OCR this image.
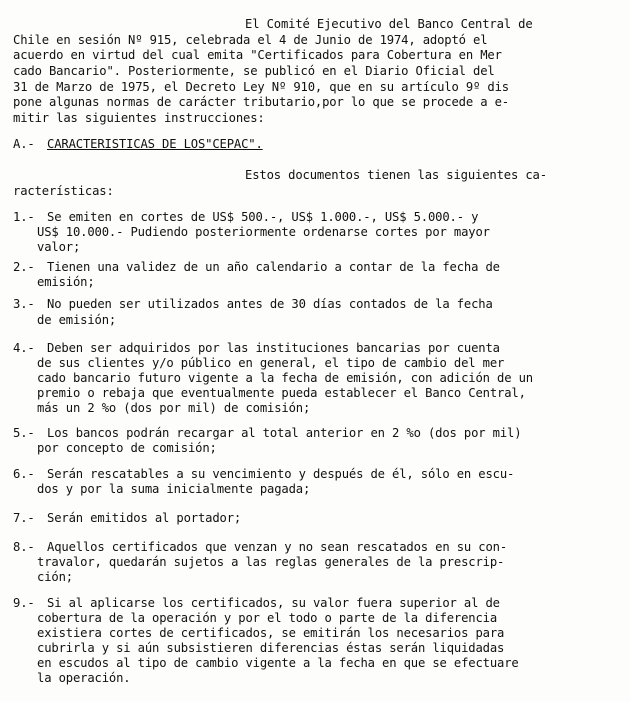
El Comité Ejecutivo del Banco Central de
Chile en sesión Nº 915, celebrada el 4 de Junio de 1974, adoptó el
acuerdo en virtud del cual emita "Certificados para Cobertura en Mer
cado Bancario". Posteriormente, se publicó en el Diario Oficial del
31 de Marzo de 1975, el Decreto Ley Nº 910, que en su artículo 9º dis
pone algunas normas de carácter tributario,por lo que se procede a e-
mitir las siguientes instrucciones:
A.- CARACTERISTICAS DE LOS"CEPAC".
Estos documentos tienen las siguientes ca-
racterísticas:
1.- Se emiten en cortes de US$ 500.-, US$ 1.000.-, US$ 5.000.- y
US$ 10.000.- Pudiendo posteriormente ordenarse cortes por mayor
valor;
2.- Tienen una validez de un año calendario a contar de la fecha de
emisión;
3.- No pueden ser utilizados antes de 30 días contados de la fecha
de emisión;
4.- Deben ser adquiridos por las instituciones bancarias por cuenta
de sus clientes y/o público en general, el tipo de cambio del mer
cado bancario futuro vigente a la fecha de emisión, con adición de un
premio o rebaja que eventualmente pueda establecer el Banco Central,
más un 2 %o (dos por mil) de comisión;
5.- Los bancos podrán recargar al total anterior en 2 %o (dos por mil)
por concepto de comisión;
6.- Serán rescatables a su vencimiento y después de él, sólo en escu-
dos y por la suma inicialmente pagada;
7.- Serán emitidos al portador;
8.- Aquellos certificados que venzan y no sean rescatados en su con-
travalor, quedarán sujetos a las reglas generales de la prescrip-
ción;
9.- Si al aplicarse los certificados, su valor fuera superior al de
cobertura de la operación y por el todo o parte de la diferencia
existiera cortes de certificados, se emitirán los necesarios para
cubrirla y si aún subsistieren diferencias éstas serán liquidadas
en escudos al tipo de cambio vigente a la fecha en que se efectuare
la operación.
